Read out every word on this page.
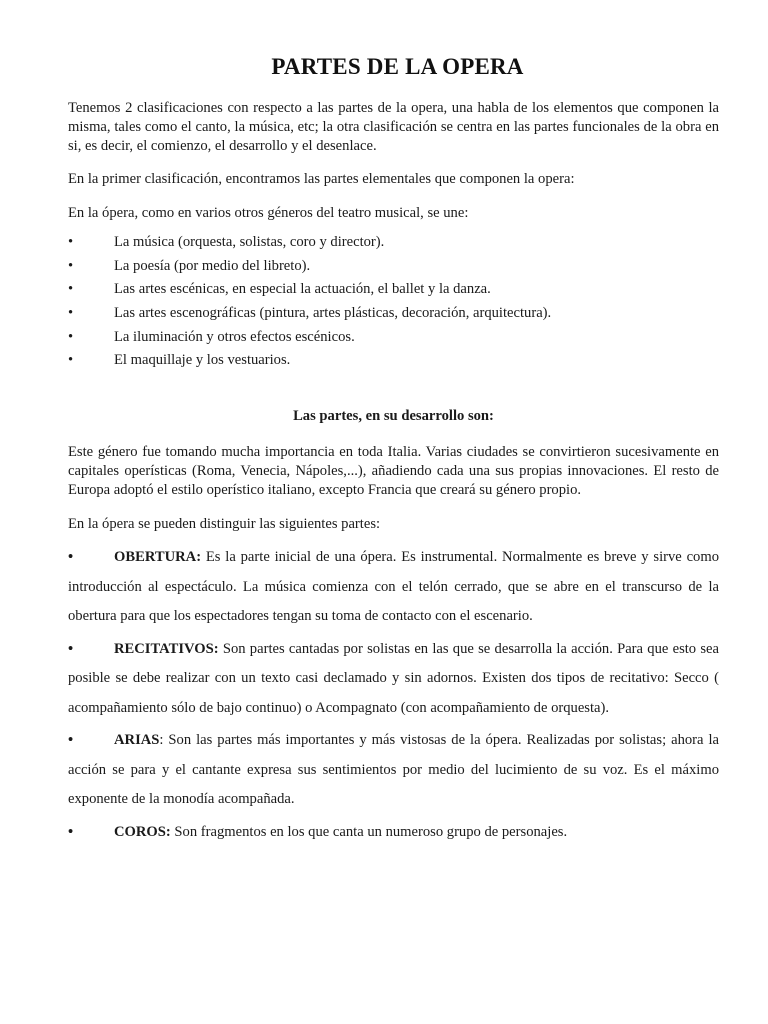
PARTES DE LA OPERA

Tenemos 2 clasificaciones con respecto a las partes de la opera, una habla de los elementos que componen la misma, tales como el canto, la música, etc; la otra clasificación se centra en las partes funcionales de la obra en si, es decir, el comienzo, el desarrollo y el desenlace.

En la primer clasificación, encontramos las partes elementales que componen la opera:

En la ópera, como en varios otros géneros del teatro musical, se une:

•	La música (orquesta, solistas, coro y director).
•	La poesía (por medio del libreto).
•	Las artes escénicas, en especial la actuación, el ballet y la danza.
•	Las artes escenográficas (pintura, artes plásticas, decoración, arquitectura).
•	La iluminación y otros efectos escénicos.
•	El maquillaje y los vestuarios.
Las partes, en su desarrollo son:

Este género fue tomando mucha importancia en toda Italia. Varias ciudades se convirtieron sucesivamente en capitales operísticas (Roma, Venecia, Nápoles,...), añadiendo cada una sus propias innovaciones. El resto de Europa adoptó el estilo operístico italiano, excepto Francia que creará su género propio.

En la ópera se pueden distinguir las siguientes partes:

•	OBERTURA: Es la parte inicial de una ópera. Es instrumental. Normalmente es breve y sirve como introducción al espectáculo. La música comienza con el telón cerrado, que se abre en el transcurso de la obertura para que los espectadores tengan su toma de contacto con el escenario.
•	RECITATIVOS: Son partes cantadas por solistas en las que se desarrolla la acción. Para que esto sea posible se debe realizar con un texto casi declamado y sin adornos. Existen dos tipos de recitativo: Secco ( acompañamiento sólo de bajo continuo) o Acompagnato (con acompañamiento de orquesta).
•	ARIAS: Son las partes más importantes y más vistosas de la ópera. Realizadas por solistas; ahora la acción se para y el cantante expresa sus sentimientos por medio del lucimiento de su voz. Es el máximo exponente de la monodía acompañada.
•	COROS: Son fragmentos en los que canta un numeroso grupo de personajes.
